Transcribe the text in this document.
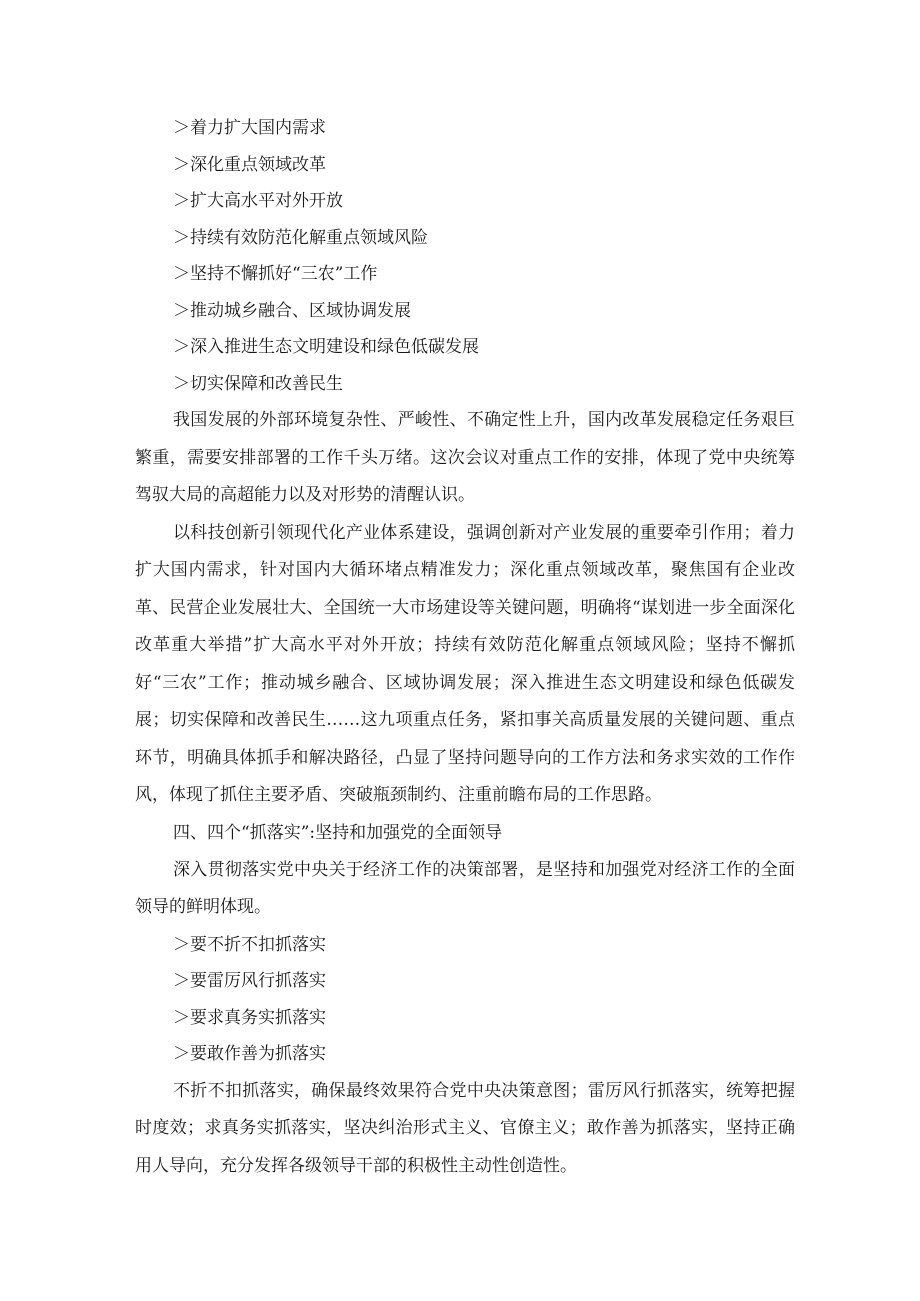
＞着力扩大国内需求
＞深化重点领域改革
＞扩大高水平对外开放
＞持续有效防范化解重点领域风险
＞坚持不懈抓好“三农”工作
＞推动城乡融合、区域协调发展
＞深入推进生态文明建设和绿色低碳发展
＞切实保障和改善民生

我国发展的外部环境复杂性、严峻性、不确定性上升，国内改革发展稳定任务艰巨繁重，需要安排部署的工作千头万绪。这次会议对重点工作的安排，体现了党中央统筹驾驭大局的高超能力以及对形势的清醒认识。

以科技创新引领现代化产业体系建设，强调创新对产业发展的重要牵引作用；着力扩大国内需求，针对国内大循环堵点精准发力；深化重点领域改革，聚焦国有企业改革、民营企业发展壮大、全国统一大市场建设等关键问题，明确将“谋划进一步全面深化改革重大举措”扩大高水平对外开放；持续有效防范化解重点领域风险；坚持不懈抓好“三农”工作；推动城乡融合、区域协调发展；深入推进生态文明建设和绿色低碳发展；切实保障和改善民生……这九项重点任务，紧扣事关高质量发展的关键问题、重点环节，明确具体抓手和解决路径，凸显了坚持问题导向的工作方法和务求实效的工作作风，体现了抓住主要矛盾、突破瓶颈制约、注重前瞻布局的工作思路。

四、四个“抓落实”:坚持和加强党的全面领导

深入贯彻落实党中央关于经济工作的决策部署，是坚持和加强党对经济工作的全面领导的鲜明体现。

＞要不折不扣抓落实
＞要雷厉风行抓落实
＞要求真务实抓落实
＞要敢作善为抓落实

不折不扣抓落实，确保最终效果符合党中央决策意图；雷厉风行抓落实，统筹把握时度效；求真务实抓落实，坚决纠治形式主义、官僚主义；敢作善为抓落实，坚持正确用人导向，充分发挥各级领导干部的积极性主动性创造性。
